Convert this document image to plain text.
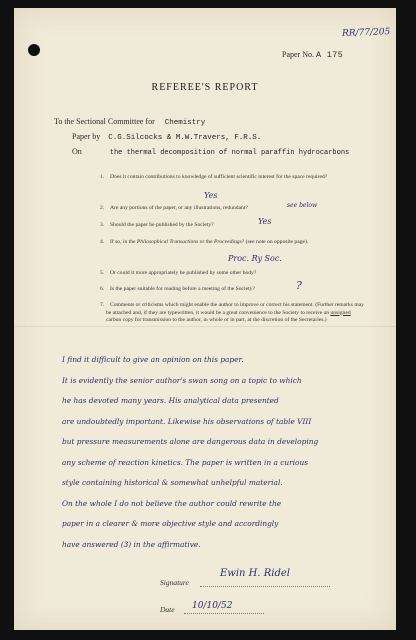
RR/77/205
Paper No. A 175
REFEREE'S REPORT
To the Sectional Committee for Chemistry
Paper by C.G.Silcocks & M.W.Travers, F.R.S.
On	the thermal decomposition of normal paraffin hydrocarbons
1. Does it contain contributions to knowledge of sufficient scientific interest for the space required?
Yes
2. Are any portions of the paper, or any illustrations, redundant?	see below
3. Should the paper be published by the Society?	Yes
4. If so, in the Philosophical Transactions or the Proceedings? (see note on opposite page).
Proc. Ry Soc.
5. Or could it more appropriately be published by some other body?
6. Is the paper suitable for reading before a meeting of the Society?	?
7. Comments or criticisms which might enable the author to improve or correct his statement. (Further remarks may be attached and, if they are typewritten, it would be a great convenience to the Society to receive an unsigned carbon copy for transmission to the author, in whole or in part, at the discretion of the Secretaries.)
I find it difficult to give an opinion on this paper.
It is evidently the senior author's swan song on a topic to which
he has devoted many years. His analytical data presented
are undoubtedly important. Likewise his observations of table VIII
but pressure measurements alone are dangerous data in developing
any scheme of reaction kinetics. The paper is written in a curious
style containing historical & somewhat unhelpful material.
On the whole I do not believe the author could rewrite the
paper in a clearer & more objective style and accordingly
have answered (3) in the affirmative.
Signature
Ewin H. Ridel
Date 10/10/52
